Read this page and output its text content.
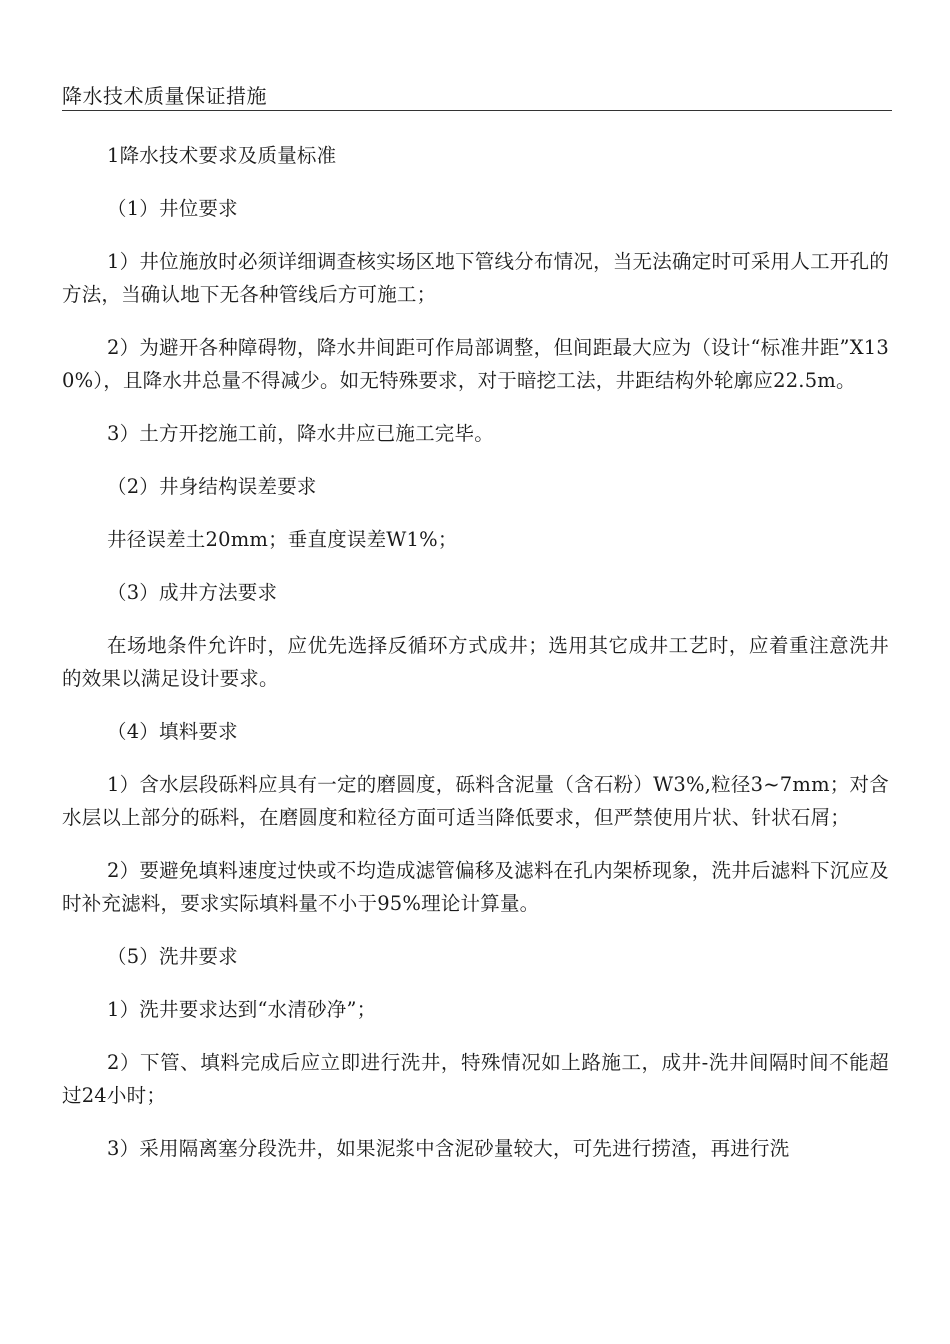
降水技术质量保证措施

1降水技术要求及质量标准

（1）井位要求

1）井位施放时必须详细调查核实场区地下管线分布情况，当无法确定时可采用人工开孔的方法，当确认地下无各种管线后方可施工；

2）为避开各种障碍物，降水井间距可作局部调整，但间距最大应为（设计“标准井距”X130%），且降水井总量不得减少。如无特殊要求，对于暗挖工法，井距结构外轮廓应22.5m。

3）土方开挖施工前，降水井应已施工完毕。

（2）井身结构误差要求

井径误差土20mm；垂直度误差W1%；

（3）成井方法要求

在场地条件允许时，应优先选择反循环方式成井；选用其它成井工艺时，应着重注意洗井的效果以满足设计要求。

（4）填料要求

1）含水层段砾料应具有一定的磨圆度，砾料含泥量（含石粉）W3%,粒径3~7mm；对含水层以上部分的砾料，在磨圆度和粒径方面可适当降低要求，但严禁使用片状、针状石屑；

2）要避免填料速度过快或不均造成滤管偏移及滤料在孔内架桥现象，洗井后滤料下沉应及时补充滤料，要求实际填料量不小于95%理论计算量。

（5）洗井要求

1）洗井要求达到“水清砂净”；

2）下管、填料完成后应立即进行洗井，特殊情况如上路施工，成井-洗井间隔时间不能超过24小时；

3）采用隔离塞分段洗井，如果泥浆中含泥砂量较大，可先进行捞渣，再进行洗
